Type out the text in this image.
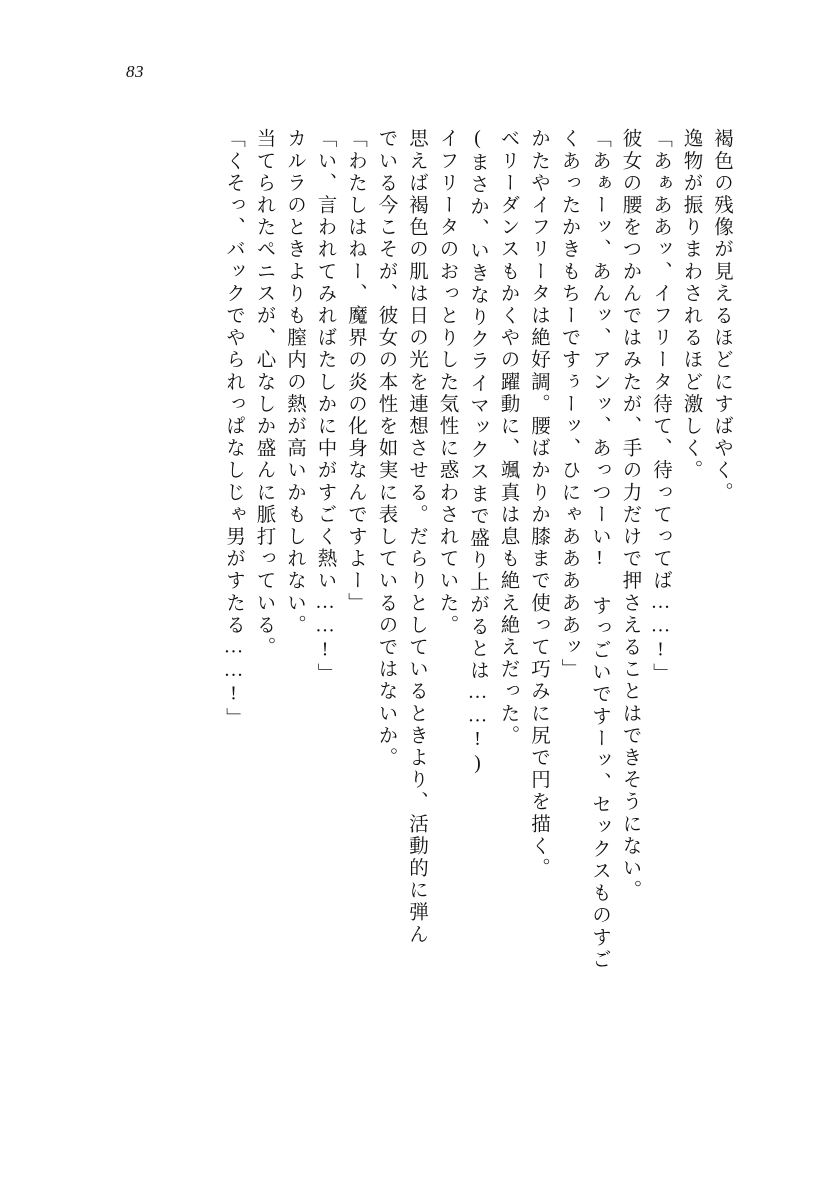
83
褐色の残像が見えるほどにすばやく。
逸物が振りまわされるほど激しく。
「あぁああッ、イフリータ待て、待ってってば……!」
彼女の腰をつかんではみたが、手の力だけで押さえることはできそうにない。
「あぁーッ、あんッ、アンッ、あっつーい! すっごいですーッ、セックスものすご
くあったかきもちーですぅーッ、ひにゃあああああッ」
かたやイフリータは絶好調。腰ばかりか膝まで使って巧みに尻で円を描く。
ベリーダンスもかくやの躍動に、颯真は息も絶え絶えだった。
(まさか、いきなりクライマックスまで盛り上がるとは……!)
イフリータのおっとりした気性に惑わされていた。
思えば褐色の肌は日の光を連想させる。だらりとしているときより、活動的に弾ん
でいる今こそが、彼女の本性を如実に表しているのではないか。
「わたしはねー、魔界の炎の化身なんですよー」
「い、言われてみればたしかに中がすごく熱い……!」
カルラのときよりも膣内の熱が高いかもしれない。
当てられたペニスが、心なしか盛んに脈打っている。
「くそっ、バックでやられっぱなしじゃ男がすたる……!」
